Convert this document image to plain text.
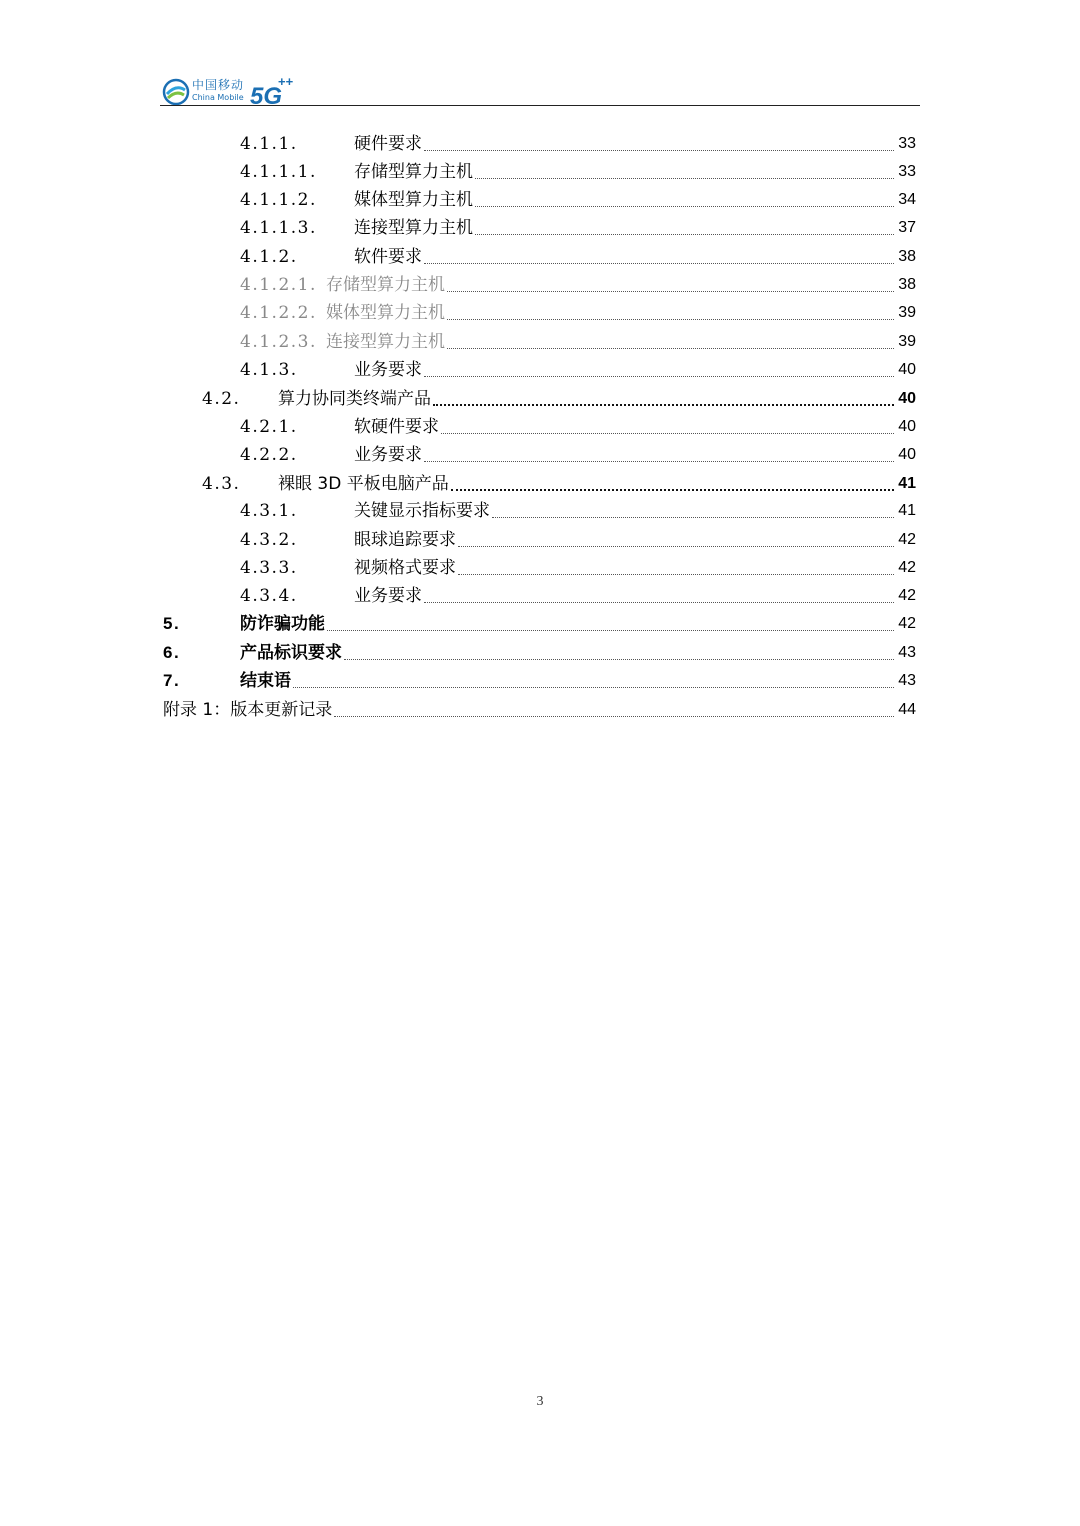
中国移动
China Mobile 5G
++
4.1.1.	硬件要求	33
4.1.1.1. 存储型算力主机	33
4.1.1.2. 媒体型算力主机	34
4.1.1.3. 连接型算力主机	37
4.1.2.	软件要求	38
4.1.2.1. 存储型算力主机	38
4.1.2.2. 媒体型算力主机	39
4.1.2.3. 连接型算力主机	39
4.1.3.	业务要求	40
4.2. 算力协同类终端产品	40
4.2.1.	软硬件要求	40
4.2.2.	业务要求	40
4.3. 裸眼 3D 平板电脑产品	41
4.3.1.	关键显示指标要求	41
4.3.2.	眼球追踪要求	42
4.3.3.	视频格式要求	42
4.3.4.	业务要求	42
5.	防诈骗功能	42
6.	产品标识要求	43
7.	结束语	43
附录 1：版本更新记录	44
3
